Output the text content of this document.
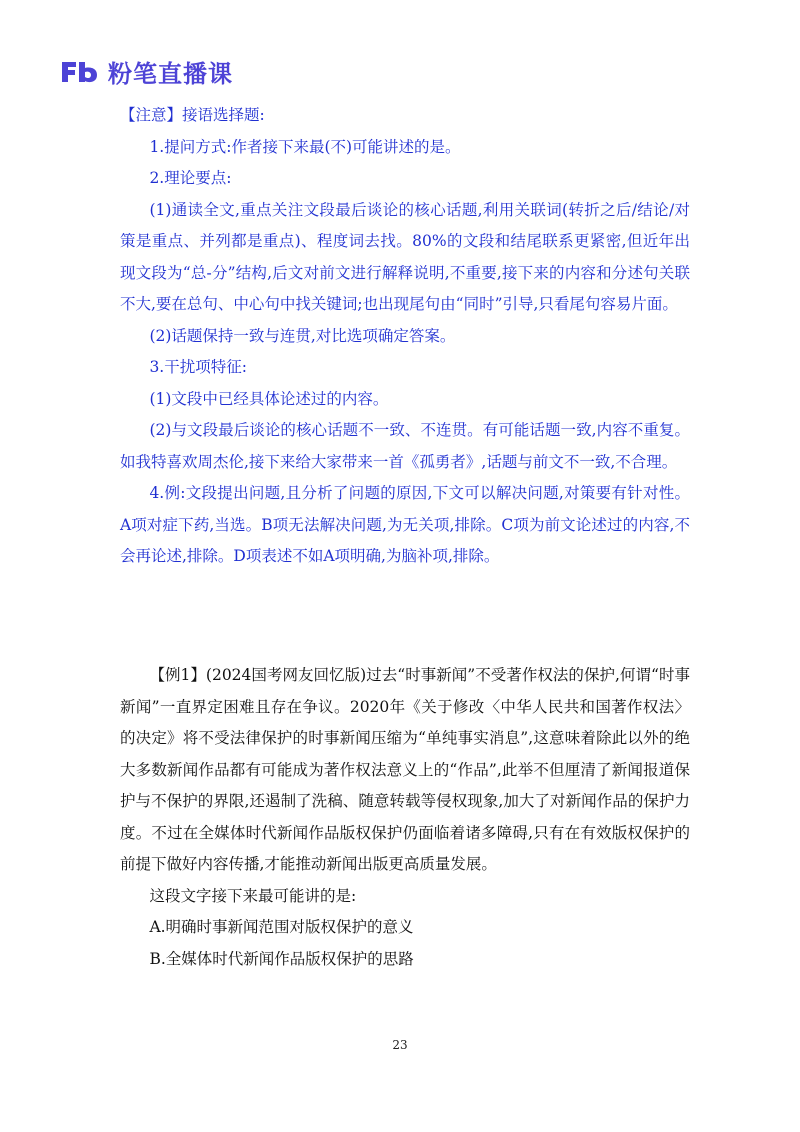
粉笔直播课

【注意】接语选择题:

1.提问方式:作者接下来最(不)可能讲述的是。

2.理论要点:

(1)通读全文,重点关注文段最后谈论的核心话题,利用关联词(转折之后/结论/对策是重点、并列都是重点)、程度词去找。80%的文段和结尾联系更紧密,但近年出现文段为“总-分”结构,后文对前文进行解释说明,不重要,接下来的内容和分述句关联不大,要在总句、中心句中找关键词;也出现尾句由“同时”引导,只看尾句容易片面。

(2)话题保持一致与连贯,对比选项确定答案。

3.干扰项特征:

(1)文段中已经具体论述过的内容。

(2)与文段最后谈论的核心话题不一致、不连贯。有可能话题一致,内容不重复。如我特喜欢周杰伦,接下来给大家带来一首《孤勇者》,话题与前文不一致,不合理。

4.例:文段提出问题,且分析了问题的原因,下文可以解决问题,对策要有针对性。A项对症下药,当选。B项无法解决问题,为无关项,排除。C项为前文论述过的内容,不会再论述,排除。D项表述不如A项明确,为脑补项,排除。

【例1】(2024国考网友回忆版)过去“时事新闻”不受著作权法的保护,何谓“时事新闻”一直界定困难且存在争议。2020年《关于修改〈中华人民共和国著作权法〉的决定》将不受法律保护的时事新闻压缩为“单纯事实消息”,这意味着除此以外的绝大多数新闻作品都有可能成为著作权法意义上的“作品”,此举不但厘清了新闻报道保护与不保护的界限,还遏制了洗稿、随意转载等侵权现象,加大了对新闻作品的保护力度。不过在全媒体时代新闻作品版权保护仍面临着诸多障碍,只有在有效版权保护的前提下做好内容传播,才能推动新闻出版更高质量发展。

这段文字接下来最可能讲的是:

A.明确时事新闻范围对版权保护的意义

B.全媒体时代新闻作品版权保护的思路

23
